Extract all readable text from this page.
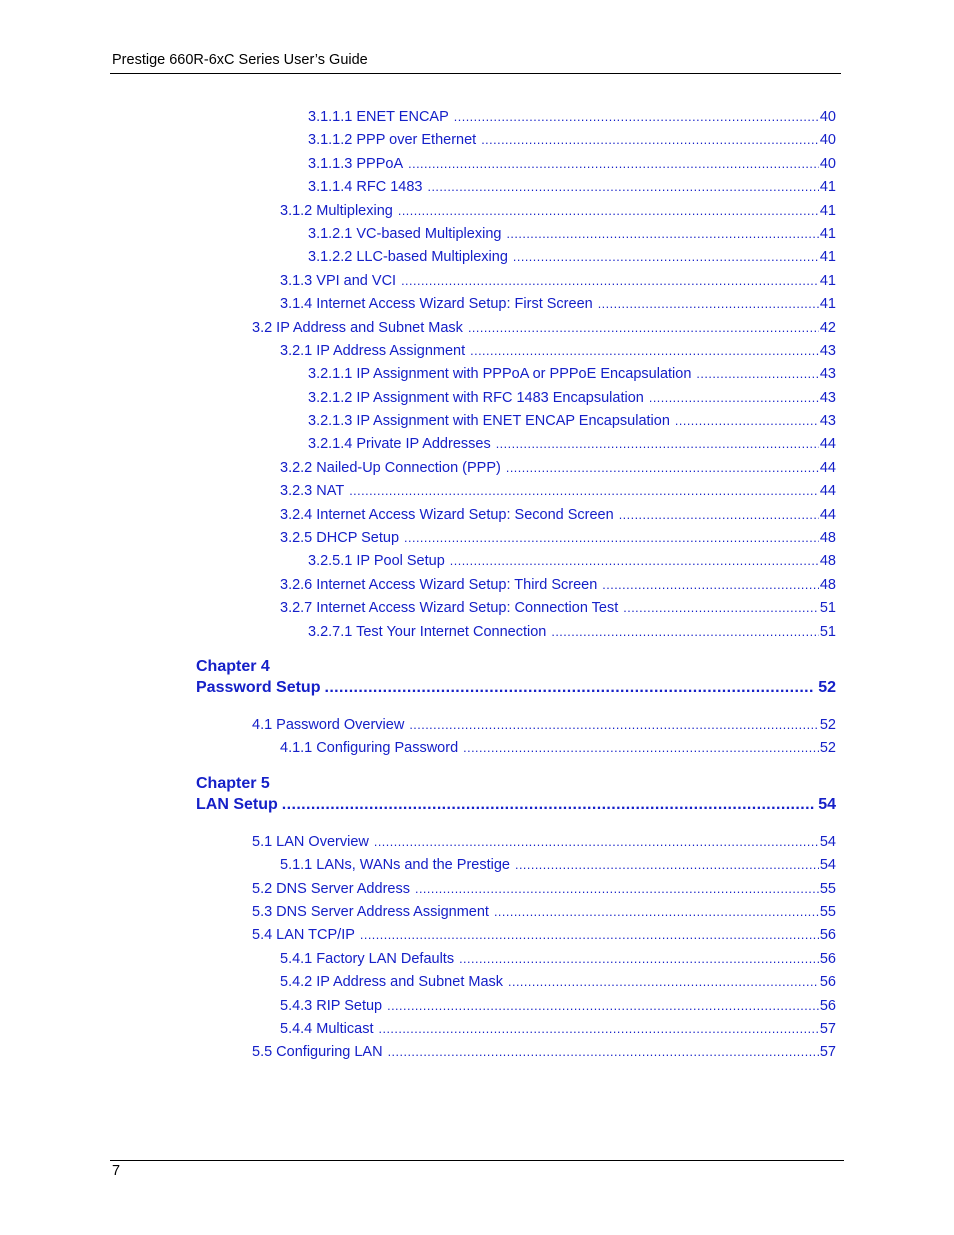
Prestige 660R-6xC Series User’s Guide
3.1.1.1 ENET ENCAP .....	40
3.1.1.2 PPP over Ethernet .....	40
3.1.1.3 PPPoA .....	40
3.1.1.4 RFC 1483 .....	41
3.1.2 Multiplexing .....	41
3.1.2.1 VC-based Multiplexing .....	41
3.1.2.2 LLC-based Multiplexing .....	41
3.1.3 VPI and VCI .....	41
3.1.4 Internet Access Wizard Setup: First Screen .....	41
3.2 IP Address and Subnet Mask .....	42
3.2.1 IP Address Assignment .....	43
3.2.1.1 IP Assignment with PPPoA or PPPoE Encapsulation .....	43
3.2.1.2 IP Assignment with RFC 1483 Encapsulation .....	43
3.2.1.3 IP Assignment with ENET ENCAP Encapsulation .....	43
3.2.1.4 Private IP Addresses .....	44
3.2.2 Nailed-Up Connection (PPP) .....	44
3.2.3 NAT .....	44
3.2.4 Internet Access Wizard Setup: Second Screen .....	44
3.2.5 DHCP Setup .....	48
3.2.5.1 IP Pool Setup .....	48
3.2.6 Internet Access Wizard Setup: Third Screen .....	48
3.2.7 Internet Access Wizard Setup: Connection Test .....	51
3.2.7.1 Test Your Internet Connection .....	51
Chapter 4
Password Setup .....	52
4.1 Password Overview .....	52
4.1.1 Configuring Password .....	52
Chapter 5
LAN Setup .....	54
5.1 LAN Overview .....	54
5.1.1 LANs, WANs and the Prestige .....	54
5.2 DNS Server Address .....	55
5.3 DNS Server Address Assignment .....	55
5.4 LAN TCP/IP .....	56
5.4.1 Factory LAN Defaults .....	56
5.4.2 IP Address and Subnet Mask .....	56
5.4.3 RIP Setup .....	56
5.4.4 Multicast .....	57
5.5 Configuring LAN .....	57
7
